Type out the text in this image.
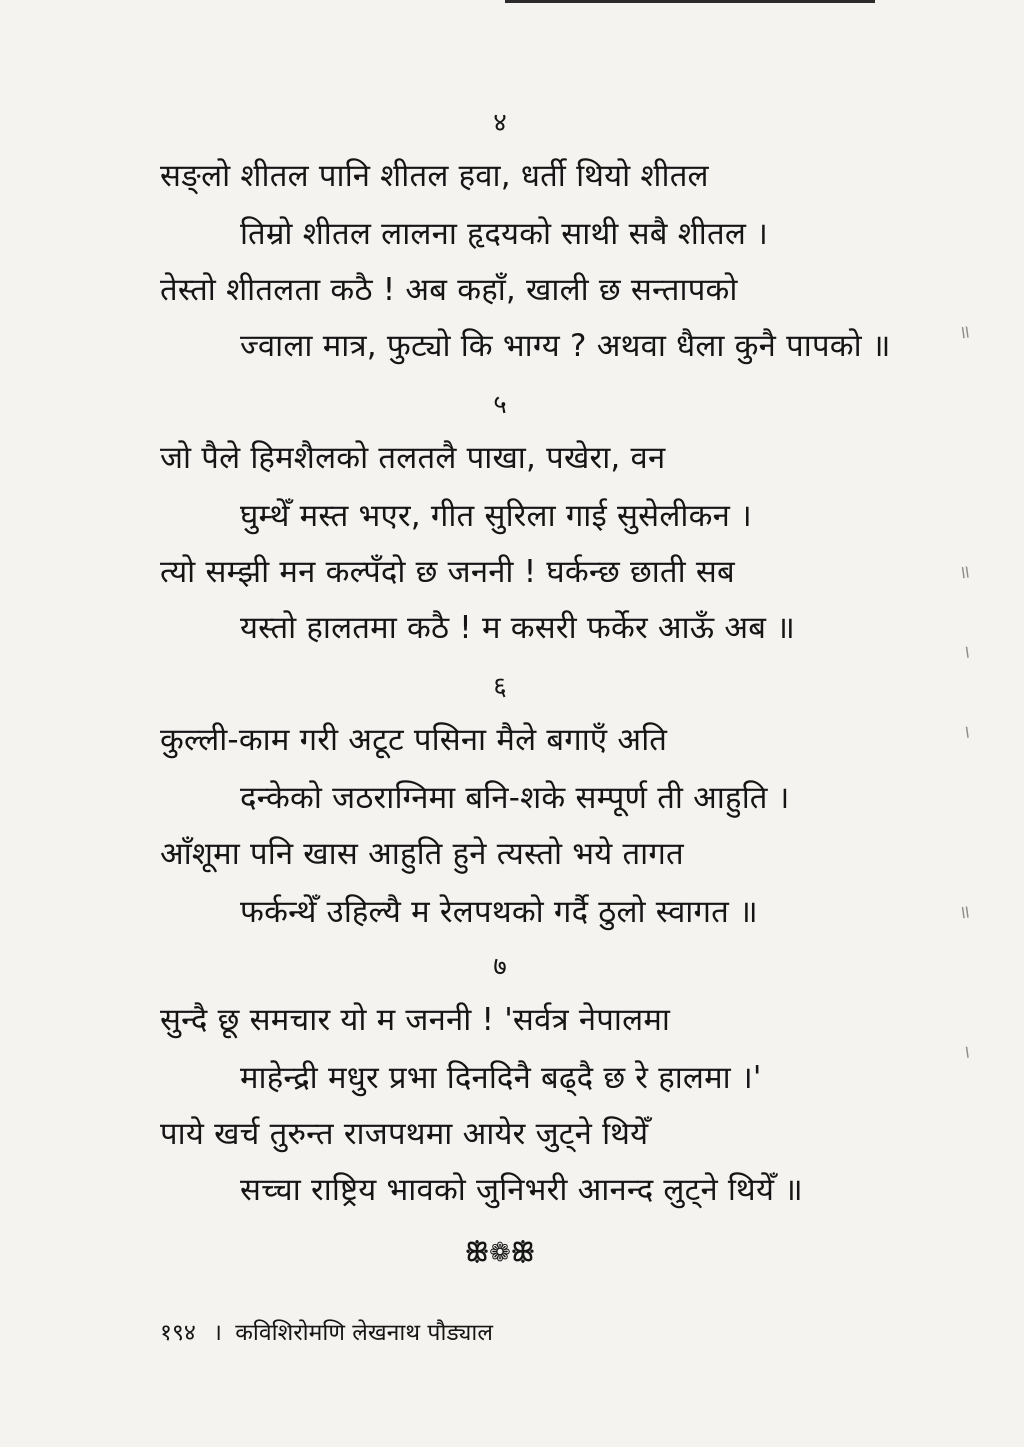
४
सङ्लो शीतल पानि शीतल हवा, धर्ती थियो शीतल
तिम्रो शीतल लालना हृदयको साथी सबै शीतल ।
तेस्तो शीतलता कठै ! अब कहाँ, खाली छ सन्तापको
ज्वाला मात्र, फुट्यो कि भाग्य ? अथवा धैला कुनै पापको ॥
५
जो पैले हिमशैलको तलतलै पाखा, पखेरा, वन
घुम्थेँ मस्त भएर, गीत सुरिला गाई सुसेलीकन ।
त्यो सम्झी मन कल्पँदो छ जननी ! घर्कन्छ छाती सब
यस्तो हालतमा कठै ! म कसरी फर्केर आऊँ अब ॥
६
कुल्ली-काम गरी अटूट पसिना मैले बगाएँ अति
दन्केको जठराग्निमा बनि-शके सम्पूर्ण ती आहुति ।
आँशूमा पनि खास आहुति हुने त्यस्तो भये तागत
फर्कन्थेँ उहिल्यै म रेलपथको गर्दै ठुलो स्वागत ॥
७
सुन्दै छू समचार यो म जननी ! 'सर्वत्र नेपालमा
माहेन्द्री मधुर प्रभा दिनदिनै बढ्दै छ रे हालमा ।'
पाये खर्च तुरुन्त राजपथमा आयेर जुट्ने थियेँ
सच्चा राष्ट्रिय भावको जुनिभरी आनन्द लुट्ने थियेँ ॥
ꕥ❁ꕥ
१९४ । कविशिरोमणि लेखनाथ पौड्याल
॥
॥
।
।
॥
।
